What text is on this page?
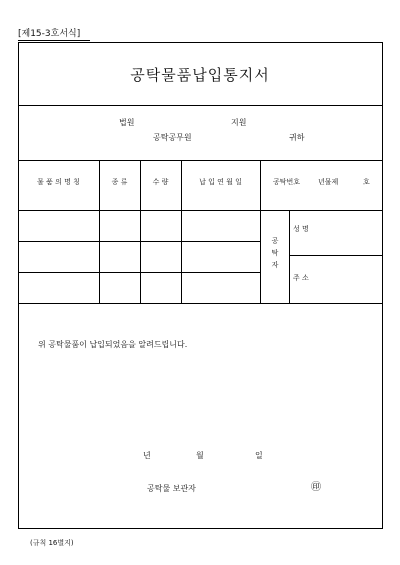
[제15-3호서식]
공탁물품납입통지서
법원	지원
공탁공무원	귀하
물 품 의 명 칭	종 류	수 량	납 입 연 월 일	공탁번호	년물제	호
공
탁
자
성 명
주 소
위 공탁물품이 납입되었음을 알려드립니다.
년	월	일
공탁물 보관자	㊞
(규칙 16별지)
